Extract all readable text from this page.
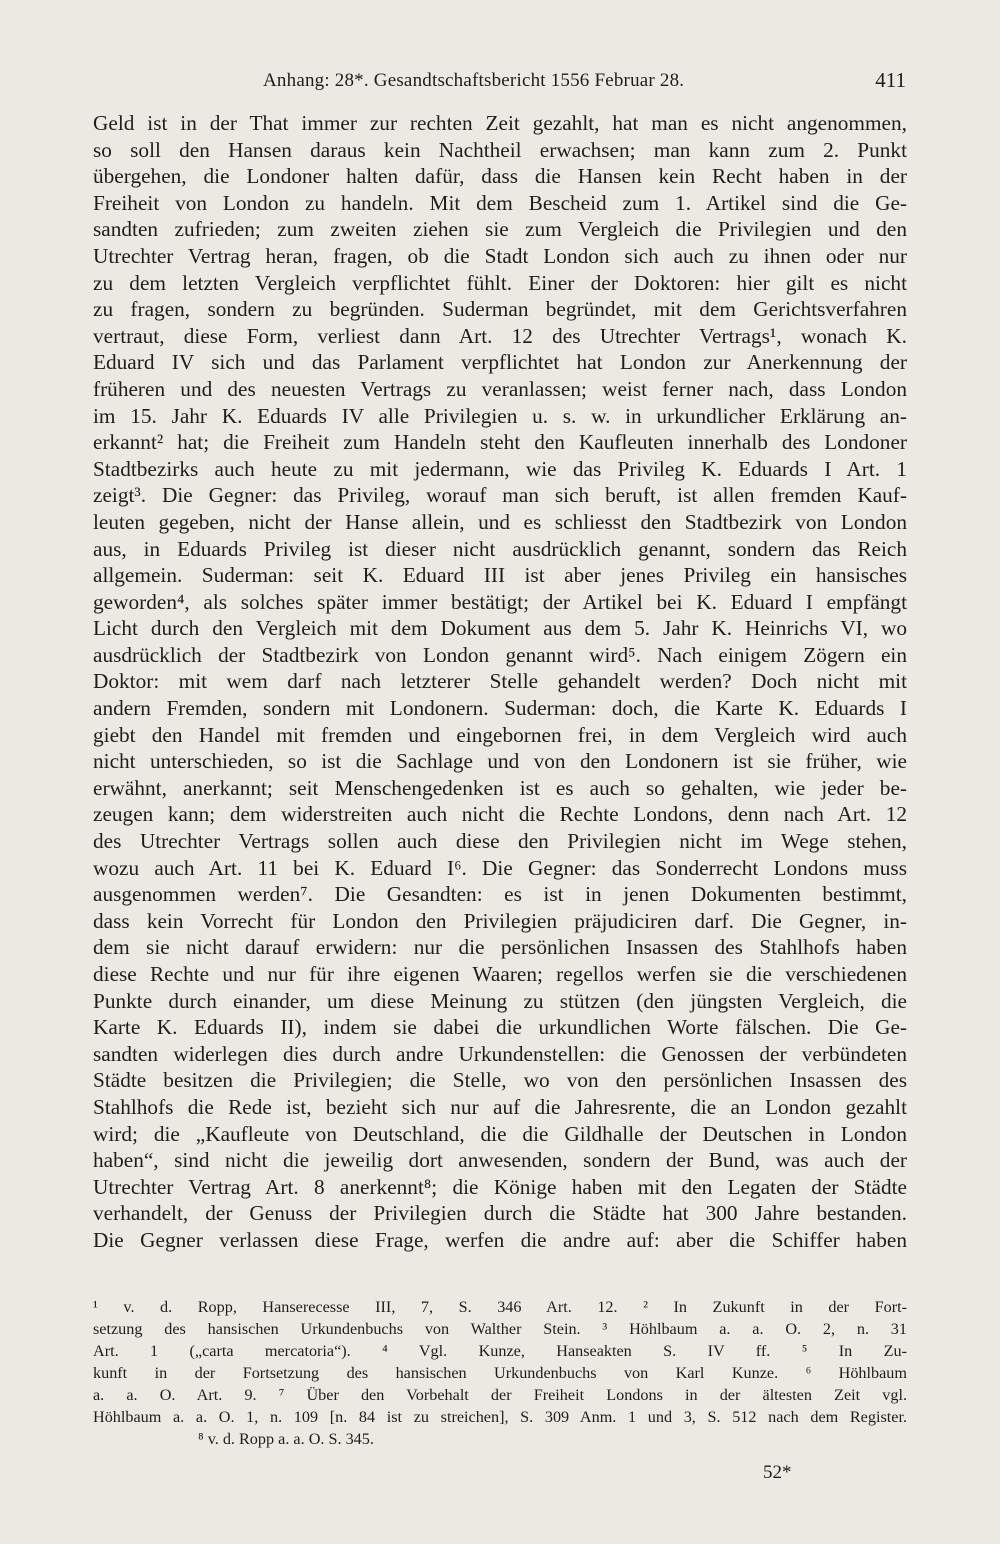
Anhang: 28*. Gesandtschaftsbericht 1556 Februar 28.	411
Geld ist in der That immer zur rechten Zeit gezahlt, hat man es nicht angenommen,
so soll den Hansen daraus kein Nachtheil erwachsen; man kann zum 2. Punkt
übergehen, die Londoner halten dafür, dass die Hansen kein Recht haben in der
Freiheit von London zu handeln. Mit dem Bescheid zum 1. Artikel sind die Ge-
sandten zufrieden; zum zweiten ziehen sie zum Vergleich die Privilegien und den
Utrechter Vertrag heran, fragen, ob die Stadt London sich auch zu ihnen oder nur
zu dem letzten Vergleich verpflichtet fühlt. Einer der Doktoren: hier gilt es nicht
zu fragen, sondern zu begründen. Suderman begründet, mit dem Gerichtsverfahren
vertraut, diese Form, verliest dann Art. 12 des Utrechter Vertrags¹, wonach K.
Eduard IV sich und das Parlament verpflichtet hat London zur Anerkennung der
früheren und des neuesten Vertrags zu veranlassen; weist ferner nach, dass London
im 15. Jahr K. Eduards IV alle Privilegien u. s. w. in urkundlicher Erklärung an-
erkannt² hat; die Freiheit zum Handeln steht den Kaufleuten innerhalb des Londoner
Stadtbezirks auch heute zu mit jedermann, wie das Privileg K. Eduards I Art. 1
zeigt³. Die Gegner: das Privileg, worauf man sich beruft, ist allen fremden Kauf-
leuten gegeben, nicht der Hanse allein, und es schliesst den Stadtbezirk von London
aus, in Eduards Privileg ist dieser nicht ausdrücklich genannt, sondern das Reich
allgemein. Suderman: seit K. Eduard III ist aber jenes Privileg ein hansisches
geworden⁴, als solches später immer bestätigt; der Artikel bei K. Eduard I empfängt
Licht durch den Vergleich mit dem Dokument aus dem 5. Jahr K. Heinrichs VI, wo
ausdrücklich der Stadtbezirk von London genannt wird⁵. Nach einigem Zögern ein
Doktor: mit wem darf nach letzterer Stelle gehandelt werden? Doch nicht mit
andern Fremden, sondern mit Londonern. Suderman: doch, die Karte K. Eduards I
giebt den Handel mit fremden und eingebornen frei, in dem Vergleich wird auch
nicht unterschieden, so ist die Sachlage und von den Londonern ist sie früher, wie
erwähnt, anerkannt; seit Menschengedenken ist es auch so gehalten, wie jeder be-
zeugen kann; dem widerstreiten auch nicht die Rechte Londons, denn nach Art. 12
des Utrechter Vertrags sollen auch diese den Privilegien nicht im Wege stehen,
wozu auch Art. 11 bei K. Eduard I⁶. Die Gegner: das Sonderrecht Londons muss
ausgenommen werden⁷. Die Gesandten: es ist in jenen Dokumenten bestimmt,
dass kein Vorrecht für London den Privilegien präjudiciren darf. Die Gegner, in-
dem sie nicht darauf erwidern: nur die persönlichen Insassen des Stahlhofs haben
diese Rechte und nur für ihre eigenen Waaren; regellos werfen sie die verschiedenen
Punkte durch einander, um diese Meinung zu stützen (den jüngsten Vergleich, die
Karte K. Eduards II), indem sie dabei die urkundlichen Worte fälschen. Die Ge-
sandten widerlegen dies durch andre Urkundenstellen: die Genossen der verbündeten
Städte besitzen die Privilegien; die Stelle, wo von den persönlichen Insassen des
Stahlhofs die Rede ist, bezieht sich nur auf die Jahresrente, die an London gezahlt
wird; die „Kaufleute von Deutschland, die die Gildhalle der Deutschen in London
haben“, sind nicht die jeweilig dort anwesenden, sondern der Bund, was auch der
Utrechter Vertrag Art. 8 anerkennt⁸; die Könige haben mit den Legaten der Städte
verhandelt, der Genuss der Privilegien durch die Städte hat 300 Jahre bestanden.
Die Gegner verlassen diese Frage, werfen die andre auf: aber die Schiffer haben
¹ v. d. Ropp, Hanserecesse III, 7, S. 346 Art. 12. ² In Zukunft in der Fort-
setzung des hansischen Urkundenbuchs von Walther Stein. ³ Höhlbaum a. a. O. 2, n. 31
Art. 1 („carta mercatoria“). ⁴ Vgl. Kunze, Hanseakten S. IV ff. ⁵ In Zu-
kunft in der Fortsetzung des hansischen Urkundenbuchs von Karl Kunze. ⁶ Höhlbaum
a. a. O. Art. 9. ⁷ Über den Vorbehalt der Freiheit Londons in der ältesten Zeit vgl.
Höhlbaum a. a. O. 1, n. 109 [n. 84 ist zu streichen], S. 309 Anm. 1 und 3, S. 512 nach dem Register.
⁸ v. d. Ropp a. a. O. S. 345.
52*
